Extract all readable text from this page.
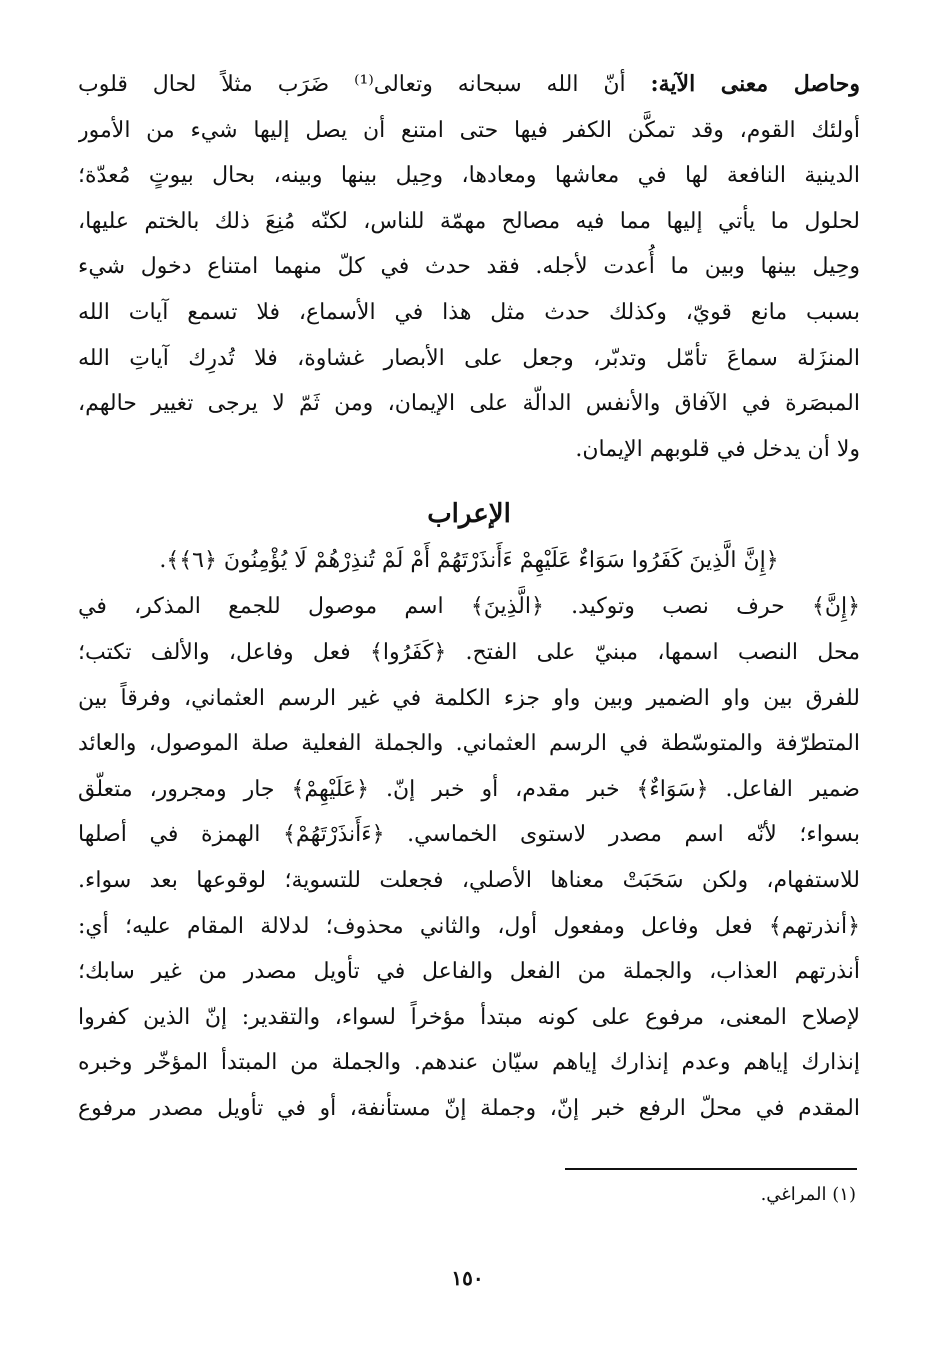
وحاصل معنى الآية: أنّ الله سبحانه وتعالى⁽¹⁾ ضَرَب مثلاً لحال قلوب
أولئك القوم، وقد تمكَّن الكفر فيها حتى امتنع أن يصل إليها شيء من الأمور
الدينية النافعة لها في معاشها ومعادها، وحِيل بينها وبينه، بحال بيوتٍ مُعدّة؛
لحلول ما يأتي إليها مما فيه مصالح مهمّة للناس، لكنّه مُنِعَ ذلك بالختم عليها،
وحِيل بينها وبين ما أُعدت لأجله. فقد حدث في كلّ منهما امتناع دخول شيء
بسبب مانع قويّ، وكذلك حدث مثل هذا في الأسماع، فلا تسمع آيات الله
المنزَلة سماعَ تأمّل وتدبّر، وجعل على الأبصار غشاوة، فلا تُدرِك آياتِ الله
المبصَرة في الآفاق والأنفس الدالّة على الإيمان، ومن ثَمّ لا يرجى تغيير حالهم،
ولا أن يدخل في قلوبهم الإيمان.
الإعراب
﴿إِنَّ الَّذِينَ كَفَرُوا سَوَاءٌ عَلَيْهِمْ ءَأَنذَرْتَهُمْ أَمْ لَمْ تُنذِرْهُمْ لَا يُؤْمِنُونَ ﴿٦﴾﴾.
﴿إِنَّ﴾ حرف نصب وتوكيد. ﴿الَّذِينَ﴾ اسم موصول للجمع المذكر، في
محل النصب اسمها، مبنيّ على الفتح. ﴿كَفَرُوا﴾ فعل وفاعل، والألف تكتب؛
للفرق بين واو الضمير وبين واو جزء الكلمة في غير الرسم العثماني، وفرقاً بين
المتطرّفة والمتوسّطة في الرسم العثماني. والجملة الفعلية صلة الموصول، والعائد
ضمير الفاعل. ﴿سَوَاءٌ﴾ خبر مقدم، أو خبر إنّ. ﴿عَلَيْهِمْ﴾ جار ومجرور، متعلّق
بسواء؛ لأنّه اسم مصدر لاستوى الخماسي. ﴿ءَأَنذَرْتَهُمْ﴾ الهمزة في أصلها
للاستفهام، ولكن سَحَبَتْ معناها الأصلي، فجعلت للتسوية؛ لوقوعها بعد سواء.
﴿أنذرتهم﴾ فعل وفاعل ومفعول أول، والثاني محذوف؛ لدلالة المقام عليه؛ أي:
أنذرتهم العذاب، والجملة من الفعل والفاعل في تأويل مصدر من غير سابك؛
لإصلاح المعنى، مرفوع على كونه مبتدأ مؤخراً لسواء، والتقدير: إنّ الذين كفروا
إنذارك إياهم وعدم إنذارك إياهم سيّان عندهم. والجملة من المبتدأ المؤخّر وخبره
المقدم في محلّ الرفع خبر إنّ، وجملة إنّ مستأنفة، أو في تأويل مصدر مرفوع
(١) المراغي.
١٥٠
